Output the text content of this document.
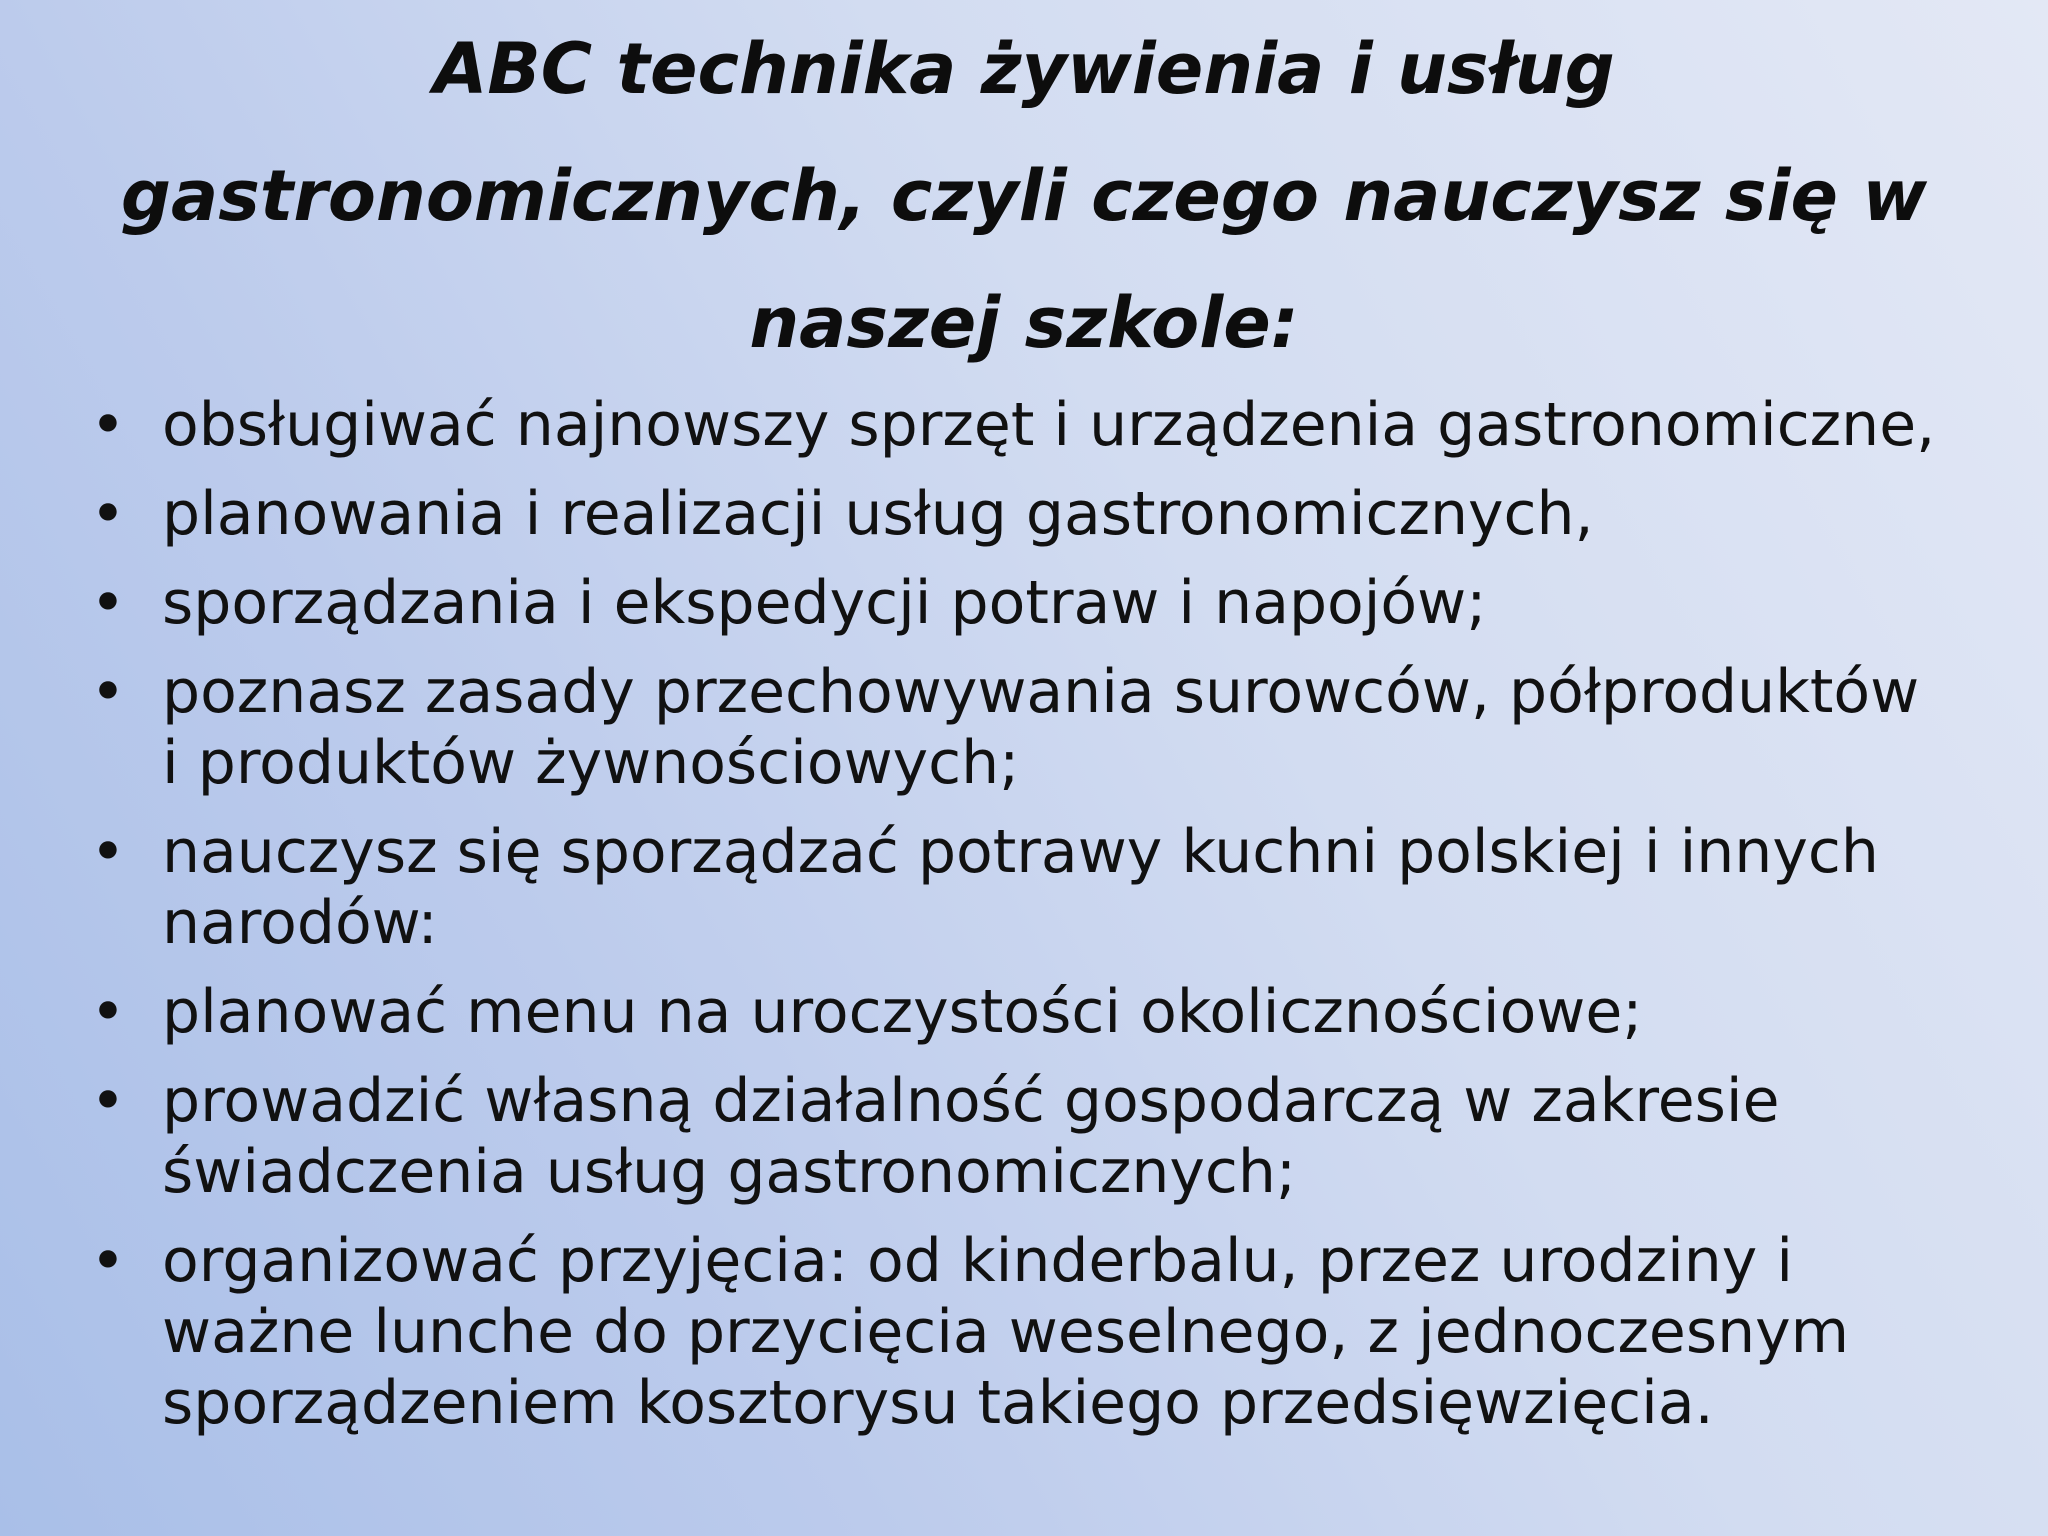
ABC technika żywienia i usług
gastronomicznych, czyli czego nauczysz się w
naszej szkole:
• obsługiwać najnowszy sprzęt i urządzenia gastronomiczne,
• planowania i realizacji usług gastronomicznych,
• sporządzania i ekspedycji potraw i napojów;
• poznasz zasady przechowywania surowców, półproduktów
i produktów żywnościowych;
• nauczysz się sporządzać potrawy kuchni polskiej i innych
narodów:
• planować menu na uroczystości okolicznościowe;
• prowadzić własną działalność gospodarczą w zakresie
świadczenia usług gastronomicznych;
• organizować przyjęcia: od kinderbalu, przez urodziny i
ważne lunche do przycięcia weselnego, z jednoczesnym
sporządzeniem kosztorysu takiego przedsięwzięcia.
